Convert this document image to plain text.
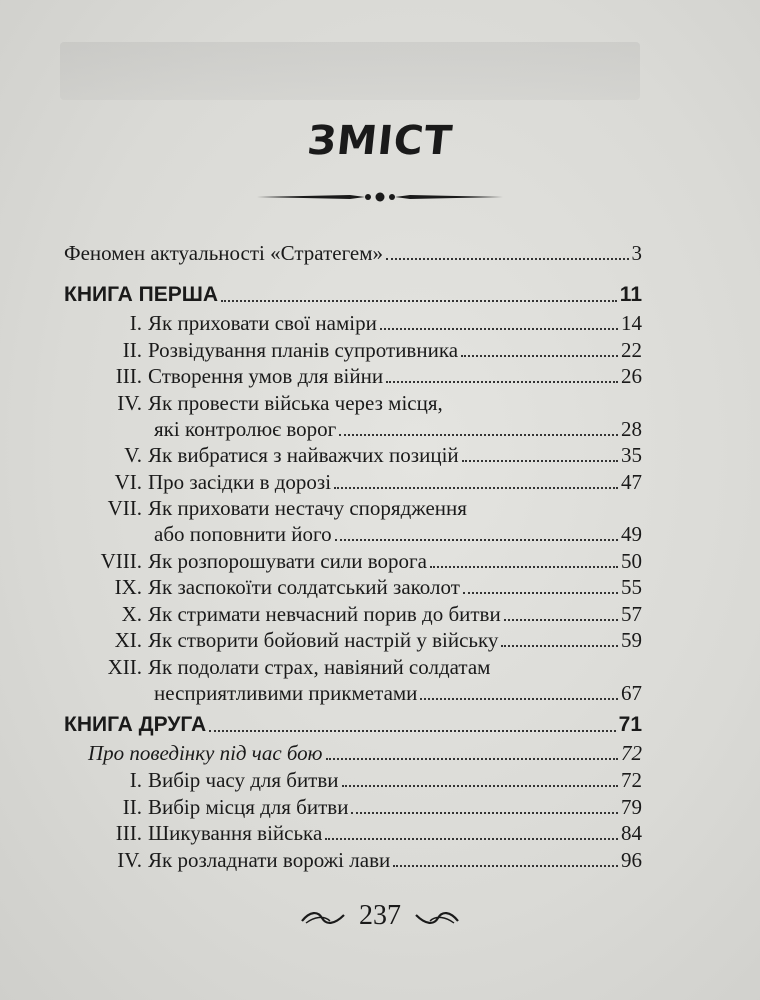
ЗМІСТ
Феномен актуальності «Стратегем»	3
КНИГА ПЕРША	11
I. Як приховати свої наміри	14
II. Розвідування планів супротивника	22
III. Створення умов для війни	26
IV. Як провести війська через місця,
які контролює ворог	28
V. Як вибратися з найважчих позицій	35
VI. Про засідки в дорозі	47
VII. Як приховати нестачу спорядження
або поповнити його	49
VIII. Як розпорошувати сили ворога	50
IX. Як заспокоїти солдатський заколот	55
X. Як стримати невчасний порив до битви	57
XI. Як створити бойовий настрій у війську	59
XII. Як подолати страх, навіяний солдатам
несприятливими прикметами	67
КНИГА ДРУГА	71
Про поведінку під час бою	72
I. Вибір часу для битви	72
II. Вибір місця для битви	79
III. Шикування війська	84
IV. Як розладнати ворожі лави	96
237
